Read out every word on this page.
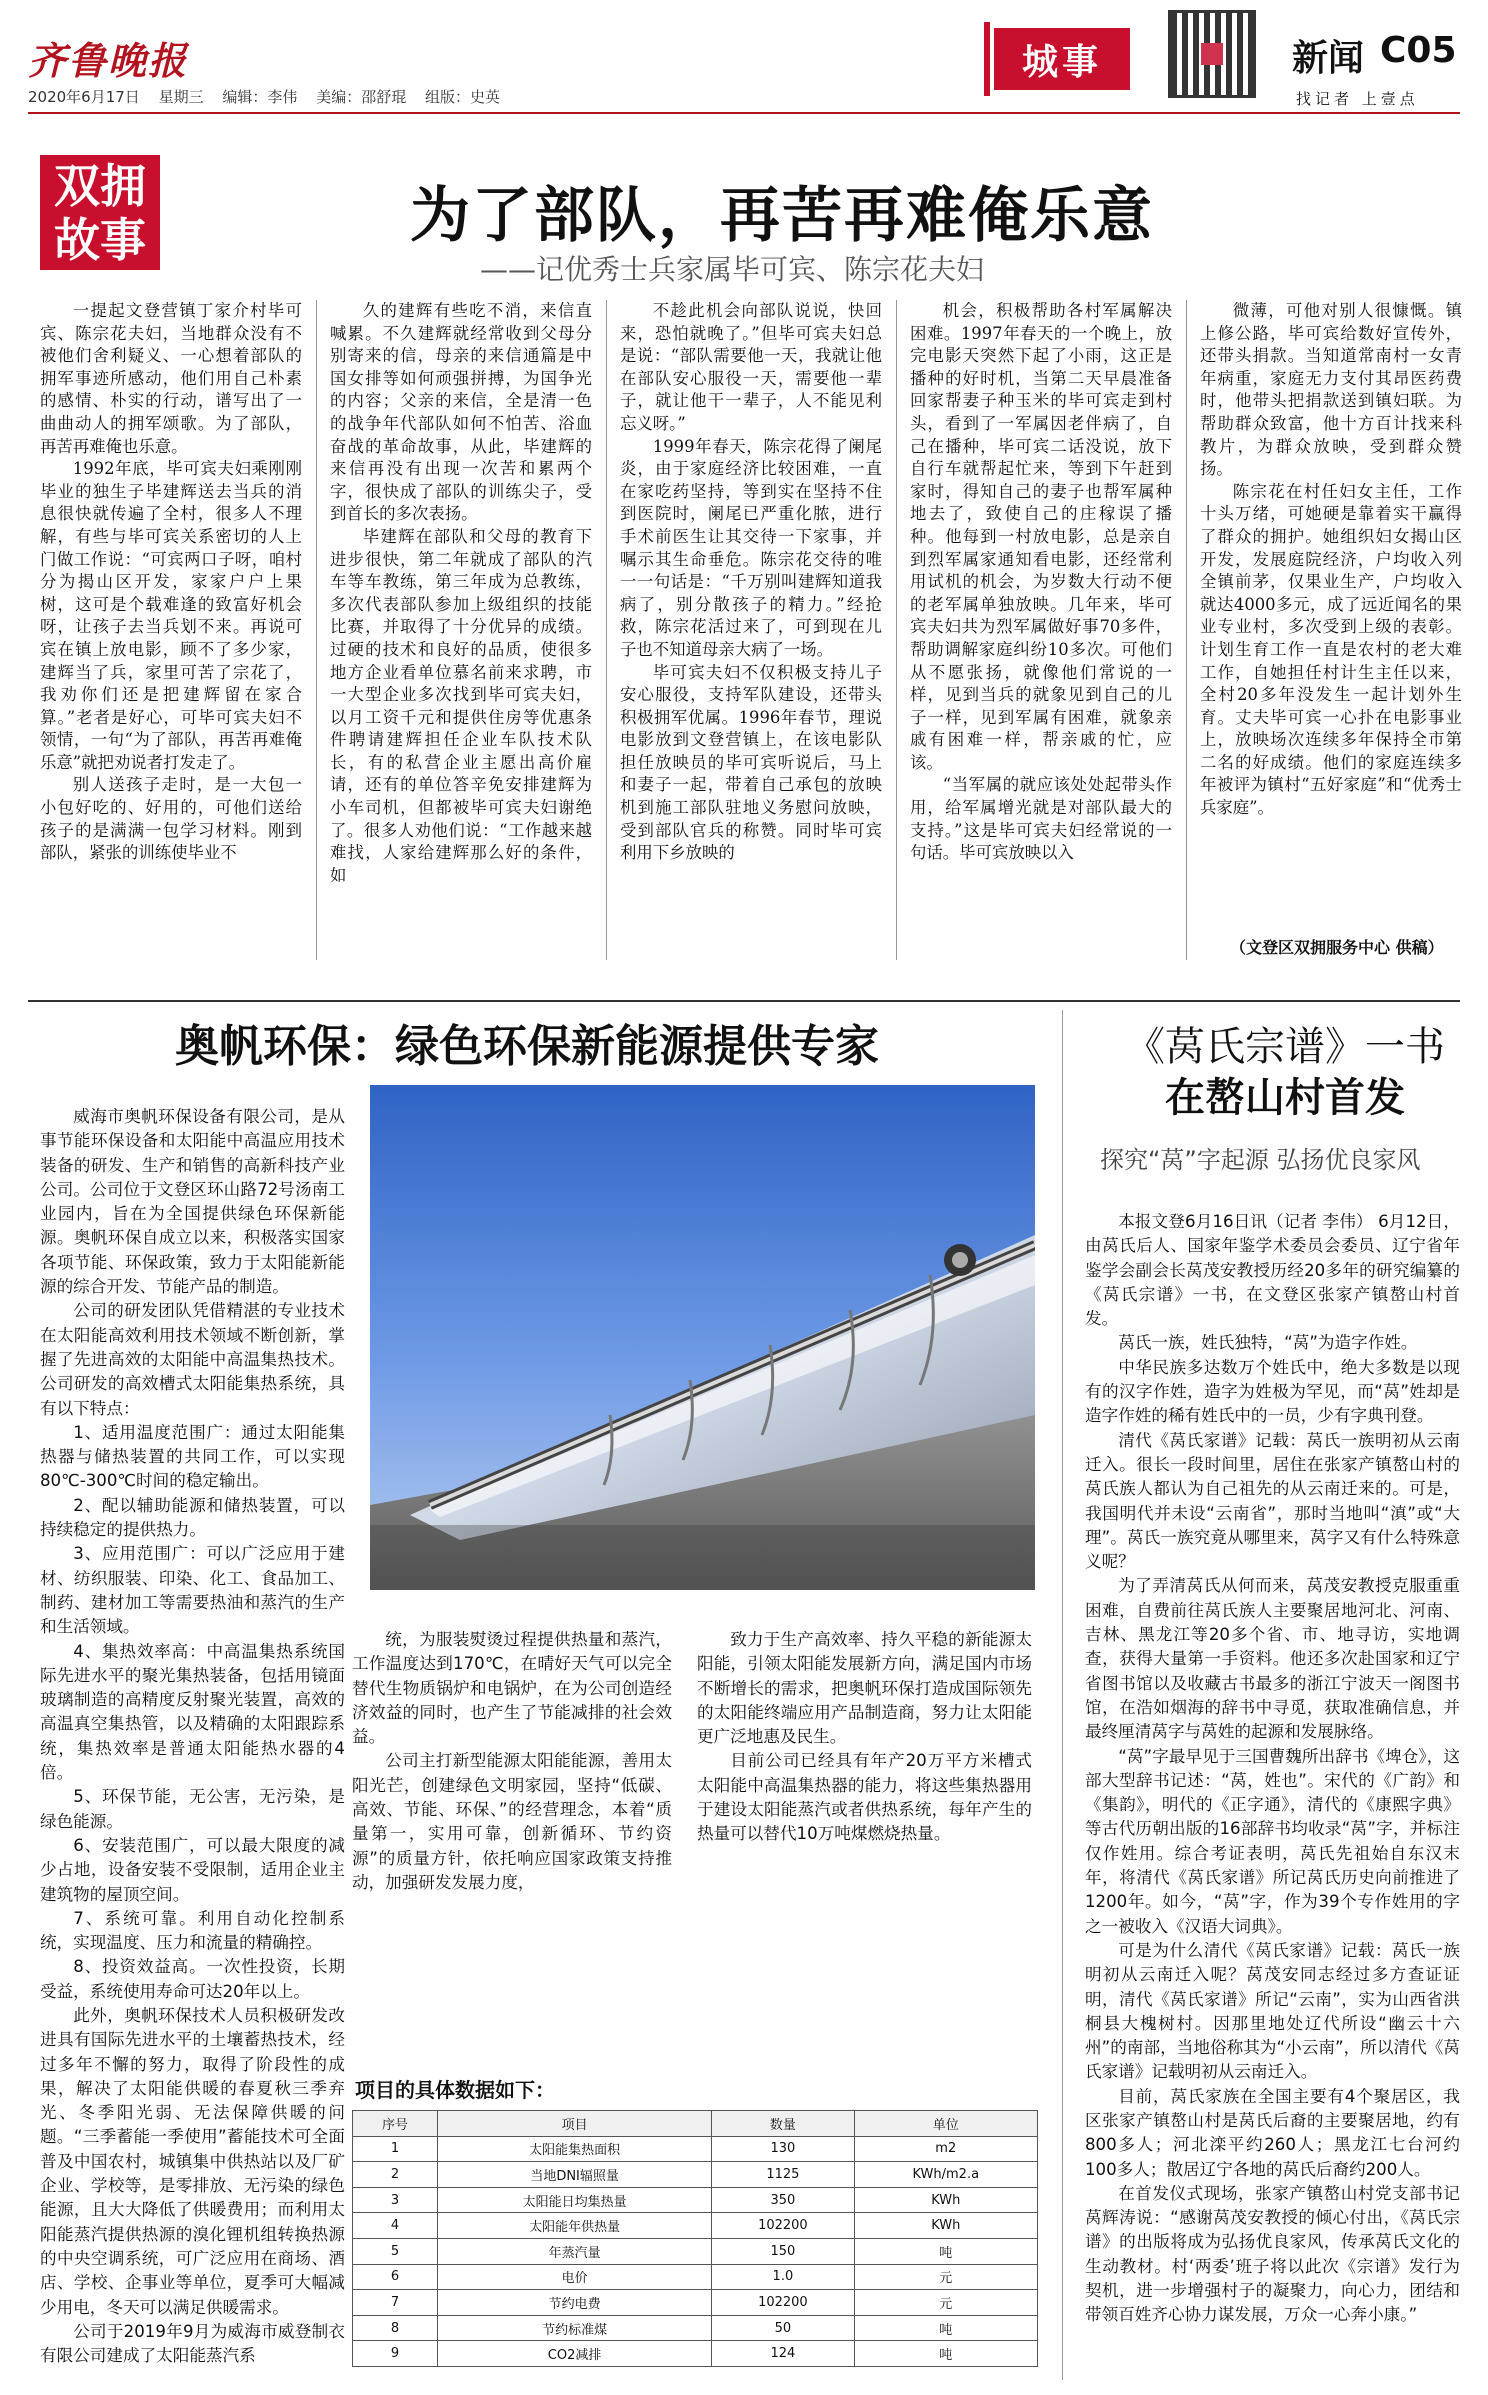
齐鲁晚报
2020年6月17日 星期三 编辑：李伟 美编：邵舒琨 组版：史英
城事	新闻 C05
找记者 上壹点
双拥
故事	为了部队，再苦再难俺乐意
——记优秀士兵家属毕可宾、陈宗花夫妇

一提起文登营镇丁家介村毕可宾、陈宗花夫妇，当地群众没有不被他们舍利疑义、一心想着部队的拥军事迹所感动，他们用自己朴素的感情、朴实的行动，谱写出了一曲曲动人的拥军颂歌。为了部队，再苦再难俺也乐意。

1992年底，毕可宾夫妇乘刚刚毕业的独生子毕建辉送去当兵的消息很快就传遍了全村，很多人不理解，有些与毕可宾关系密切的人上门做工作说：“可宾两口子呀，咱村分为揭山区开发，家家户户上果树，这可是个载难逢的致富好机会呀，让孩子去当兵划不来。再说可宾在镇上放电影，顾不了多少家，建辉当了兵，家里可苦了宗花了，我劝你们还是把建辉留在家合算。”老者是好心，可毕可宾夫妇不领情，一句“为了部队，再苦再难俺乐意”就把劝说者打发走了。

别人送孩子走时，是一大包一小包好吃的、好用的，可他们送给孩子的是满满一包学习材料。刚到部队，紧张的训练使毕业不

久的建辉有些吃不消，来信直喊累。不久建辉就经常收到父母分别寄来的信，母亲的来信通篇是中国女排等如何顽强拼搏，为国争光的内容；父亲的来信，全是清一色的战争年代部队如何不怕苦、浴血奋战的革命故事，从此，毕建辉的来信再没有出现一次苦和累两个字，很快成了部队的训练尖子，受到首长的多次表扬。

毕建辉在部队和父母的教育下进步很快，第二年就成了部队的汽车等车教练，第三年成为总教练，多次代表部队参加上级组织的技能比赛，并取得了十分优异的成绩。过硬的技术和良好的品质，使很多地方企业看单位慕名前来求聘，市一大型企业多次找到毕可宾夫妇，以月工资千元和提供住房等优惠条件聘请建辉担任企业车队技术队长，有的私营企业主愿出高价雇请，还有的单位答辛免安排建辉为小车司机，但都被毕可宾夫妇谢绝了。很多人劝他们说：“工作越来越难找，人家给建辉那么好的条件，如

不趁此机会向部队说说，快回来，恐怕就晚了。”但毕可宾夫妇总是说：“部队需要他一天，我就让他在部队安心服役一天，需要他一辈子，就让他干一辈子，人不能见利忘义呀。”

1999年春天，陈宗花得了阑尾炎，由于家庭经济比较困难，一直在家吃药坚持，等到实在坚持不住到医院时，阑尾已严重化脓，进行手术前医生让其交待一下家事，并嘱示其生命垂危。陈宗花交待的唯一一句话是：“千万别叫建辉知道我病了，别分散孩子的精力。”经抢救，陈宗花活过来了，可到现在儿子也不知道母亲大病了一场。

毕可宾夫妇不仅积极支持儿子安心服役，支持军队建设，还带头积极拥军优属。1996年春节，理说电影放到文登营镇上，在该电影队担任放映员的毕可宾听说后，马上和妻子一起，带着自己承包的放映机到施工部队驻地义务慰问放映，受到部队官兵的称赞。同时毕可宾利用下乡放映的

机会，积极帮助各村军属解决困难。1997年春天的一个晚上，放完电影天突然下起了小雨，这正是播种的好时机，当第二天早晨准备回家帮妻子种玉米的毕可宾走到村头，看到了一军属因老伴病了，自己在播种，毕可宾二话没说，放下自行车就帮起忙来，等到下午赶到家时，得知自己的妻子也帮军属种地去了，致使自己的庄稼误了播种。他每到一村放电影，总是亲自到烈军属家通知看电影，还经常利用试机的机会，为岁数大行动不便的老军属单独放映。几年来，毕可宾夫妇共为烈军属做好事70多件，帮助调解家庭纠纷10多次。可他们从不愿张扬，就像他们常说的一样，见到当兵的就象见到自己的儿子一样，见到军属有困难，就象亲戚有困难一样，帮亲戚的忙，应该。

“当军属的就应该处处起带头作用，给军属增光就是对部队最大的支持。”这是毕可宾夫妇经常说的一句话。毕可宾放映以入

微薄，可他对别人很慷慨。镇上修公路，毕可宾给数好宣传外，还带头捐款。当知道常南村一女青年病重，家庭无力支付其昂医药费时，他带头把捐款送到镇妇联。为帮助群众致富，他十方百计找来科教片，为群众放映，受到群众赞扬。

陈宗花在村任妇女主任，工作十头万绪，可她硬是靠着实干赢得了群众的拥护。她组织妇女揭山区开发，发展庭院经济，户均收入列全镇前茅，仅果业生产，户均收入就达4000多元，成了远近闻名的果业专业村，多次受到上级的表彰。计划生育工作一直是农村的老大难工作，自她担任村计生主任以来，全村20多年没发生一起计划外生育。丈夫毕可宾一心扑在电影事业上，放映场次连续多年保持全市第二名的好成绩。他们的家庭连续多年被评为镇村“五好家庭”和“优秀士兵家庭”。

（文登区双拥服务中心 供稿）
奥帆环保：绿色环保新能源提供专家

威海市奥帆环保设备有限公司，是从事节能环保设备和太阳能中高温应用技术装备的研发、生产和销售的高新科技产业公司。公司位于文登区环山路72号汤南工业园内，旨在为全国提供绿色环保新能源。奥帆环保自成立以来，积极落实国家各项节能、环保政策，致力于太阳能新能源的综合开发、节能产品的制造。

公司的研发团队凭借精湛的专业技术在太阳能高效利用技术领域不断创新，掌握了先进高效的太阳能中高温集热技术。公司研发的高效槽式太阳能集热系统，具有以下特点：

1、适用温度范围广：通过太阳能集热器与储热装置的共同工作，可以实现80℃-300℃时间的稳定输出。

2、配以辅助能源和储热装置，可以持续稳定的提供热力。

3、应用范围广：可以广泛应用于建材、纺织服装、印染、化工、食品加工、制药、建材加工等需要热油和蒸汽的生产和生活领域。

4、集热效率高：中高温集热系统国际先进水平的聚光集热装备，包括用镜面玻璃制造的高精度反射聚光装置，高效的高温真空集热管，以及精确的太阳跟踪系统，集热效率是普通太阳能热水器的4倍。

5、环保节能，无公害，无污染，是绿色能源。

6、安装范围广，可以最大限度的减少占地，设备安装不受限制，适用企业主建筑物的屋顶空间。

7、系统可靠。利用自动化控制系统，实现温度、压力和流量的精确控。

8、投资效益高。一次性投资，长期受益，系统使用寿命可达20年以上。

此外，奥帆环保技术人员积极研发改进具有国际先进水平的土壤蓄热技术，经过多年不懈的努力，取得了阶段性的成果，解决了太阳能供暖的春夏秋三季弃光、冬季阳光弱、无法保障供暖的问题。“三季蓄能一季使用”蓄能技术可全面普及中国农村，城镇集中供热站以及厂矿企业、学校等，是零排放、无污染的绿色能源，且大大降低了供暖费用；而利用太阳能蒸汽提供热源的溴化锂机组转换热源的中央空调系统，可广泛应用在商场、酒店、学校、企事业等单位，夏季可大幅减少用电，冬天可以满足供暖需求。

公司于2019年9月为威海市威登制衣有限公司建成了太阳能蒸汽系

统，为服装熨烫过程提供热量和蒸汽，工作温度达到170℃，在晴好天气可以完全替代生物质锅炉和电锅炉，在为公司创造经济效益的同时，也产生了节能减排的社会效益。

公司主打新型能源太阳能能源，善用太阳光芒，创建绿色文明家园，坚持“低碳、高效、节能、环保、”的经营理念，本着“质量第一，实用可靠，创新循环、节约资源”的质量方针，依托响应国家政策支持推动，加强研发发展力度，

致力于生产高效率、持久平稳的新能源太阳能，引领太阳能发展新方向，满足国内市场不断增长的需求，把奥帆环保打造成国际领先的太阳能终端应用产品制造商，努力让太阳能更广泛地惠及民生。

目前公司已经具有年产20万平方米槽式太阳能中高温集热器的能力，将这些集热器用于建设太阳能蒸汽或者供热系统，每年产生的热量可以替代10万吨煤燃烧热量。

项目的具体数据如下：
序号	项目	数量	单位
1	太阳能集热面积	130	m2
2	当地DNI辐照量	1125	KWh/m2.a
3	太阳能日均集热量	350	KWh
4	太阳能年供热量	102200	KWh
5	年蒸汽量	150	吨
6	电价	1.0	元
7	节约电费	102200	元
8	节约标准煤	50	吨
9	CO2减排	124	吨
《莴氏宗谱》一书
在嶅山村首发
探究“莴”字起源 弘扬优良家风

本报文登6月16日讯（记者 李伟） 6月12日，由莴氏后人、国家年鉴学术委员会委员、辽宁省年鉴学会副会长莴茂安教授历经20多年的研究编纂的《莴氏宗谱》一书，在文登区张家产镇嶅山村首发。

莴氏一族，姓氏独特，“莴”为造字作姓。

中华民族多达数万个姓氏中，绝大多数是以现有的汉字作姓，造字为姓极为罕见，而“莴”姓却是造字作姓的稀有姓氏中的一员，少有字典刊登。

清代《莴氏家谱》记载：莴氏一族明初从云南迁入。很长一段时间里，居住在张家产镇嶅山村的莴氏族人都认为自己祖先的从云南迁来的。可是，我国明代并未设“云南省”，那时当地叫“滇”或“大理”。莴氏一族究竟从哪里来，莴字又有什么特殊意义呢？

为了弄清莴氏从何而来，莴茂安教授克服重重困难，自费前往莴氏族人主要聚居地河北、河南、吉林、黑龙江等20多个省、市、地寻访，实地调查，获得大量第一手资料。他还多次赴国家和辽宁省图书馆以及收藏古书最多的浙江宁波天一阁图书馆，在浩如烟海的辞书中寻觅，获取准确信息，并最终厘清莴字与莴姓的起源和发展脉络。

“莴”字最早见于三国曹魏所出辞书《埤仓》，这部大型辞书记述：“莴，姓也”。宋代的《广韵》和《集韵》，明代的《正字通》，清代的《康熙字典》等古代历朝出版的16部辞书均收录“莴”字，并标注仅作姓用。综合考证表明，莴氏先祖始自东汉末年，将清代《莴氏家谱》所记莴氏历史向前推进了1200年。如今，“莴”字，作为39个专作姓用的字之一被收入《汉语大词典》。

可是为什么清代《莴氏家谱》记载：莴氏一族明初从云南迁入呢？莴茂安同志经过多方查证证明，清代《莴氏家谱》所记“云南”，实为山西省洪桐县大槐树村。因那里地处辽代所设“幽云十六州”的南部，当地俗称其为“小云南”，所以清代《莴氏家谱》记载明初从云南迁入。

目前，莴氏家族在全国主要有4个聚居区，我区张家产镇嶅山村是莴氏后裔的主要聚居地，约有800多人；河北滦平约260人；黑龙江七台河约100多人；散居辽宁各地的莴氏后裔约200人。

在首发仪式现场，张家产镇嶅山村党支部书记莴辉涛说：“感谢莴茂安教授的倾心付出，《莴氏宗谱》的出版将成为弘扬优良家风，传承莴氏文化的生动教材。村‘两委’班子将以此次《宗谱》发行为契机，进一步增强村子的凝聚力，向心力，团结和带领百姓齐心协力谋发展，万众一心奔小康。”
